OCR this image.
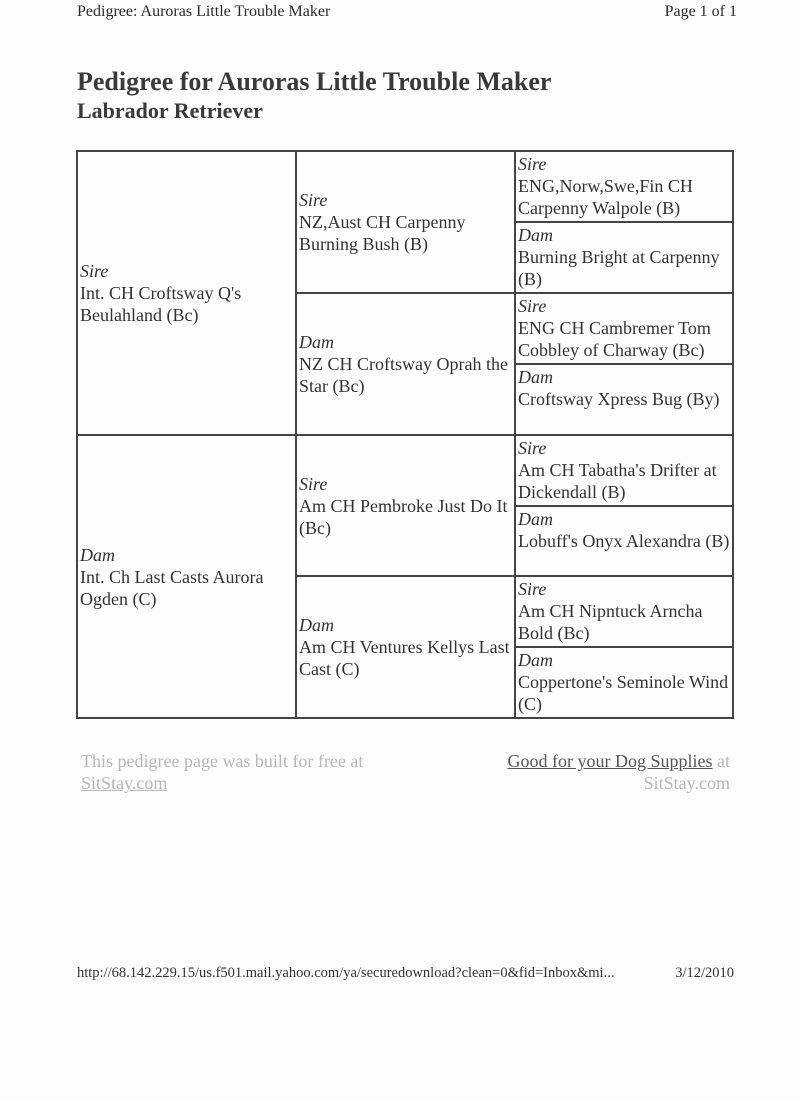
Pedigree: Auroras Little Trouble Maker	Page 1 of 1
Pedigree for Auroras Little Trouble Maker
Labrador Retriever
Sire
Int. CH Croftsway Q's Beulahland (Bc)
Dam
Int. Ch Last Casts Aurora Ogden (C)
Sire
NZ,Aust CH Carpenny Burning Bush (B)
Dam
NZ CH Croftsway Oprah the Star (Bc)
Sire
Am CH Pembroke Just Do It (Bc)
Dam
Am CH Ventures Kellys Last Cast (C)
Sire
ENG,Norw,Swe,Fin CH Carpenny Walpole (B)
Dam
Burning Bright at Carpenny (B)
Sire
ENG CH Cambremer Tom Cobbley of Charway (Bc)
Dam
Croftsway Xpress Bug (By)
Sire
Am CH Tabatha's Drifter at Dickendall (B)
Dam
Lobuff's Onyx Alexandra (B)
Sire
Am CH Nipntuck Arncha Bold (Bc)
Dam
Coppertone's Seminole Wind (C)
This pedigree page was built for free at
SitStay.com
Good for your Dog Supplies at
SitStay.com
http://68.142.229.15/us.f501.mail.yahoo.com/ya/securedownload?clean=0&fid=Inbox&mi...	3/12/2010
